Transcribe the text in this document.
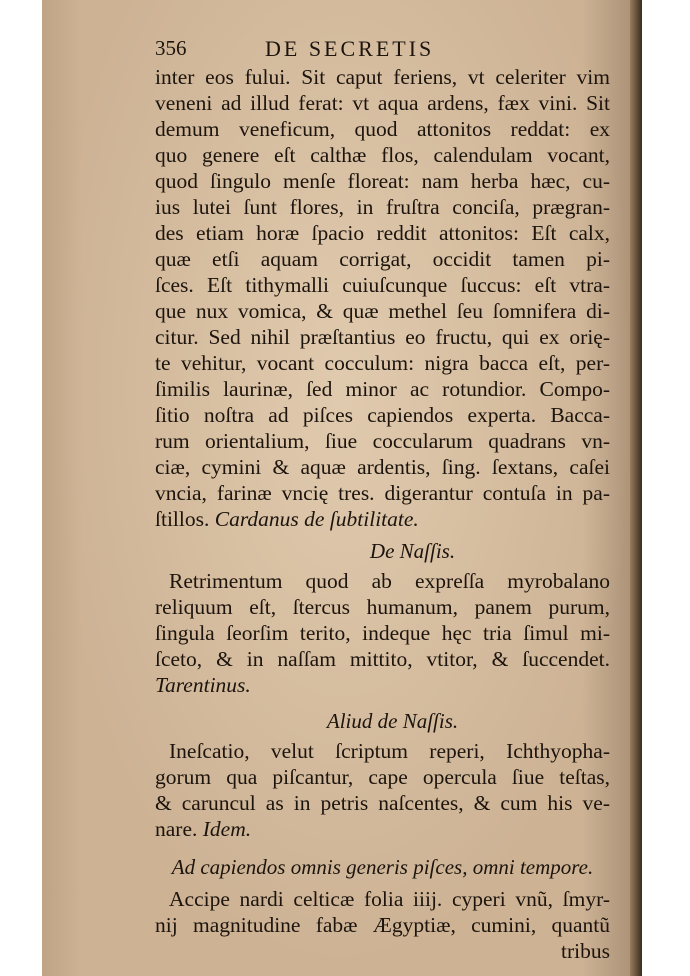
356	DE SECRETIS
inter eos fului. Sit caput feriens, vt celeriter vim
veneni ad illud ferat: vt aqua ardens, fæx vini. Sit
demum veneficum, quod attonitos reddat: ex
quo genere eſt calthæ flos, calendulam vocant,
quod ſingulo menſe floreat: nam herba hæc, cu-
ius lutei ſunt flores, in fruſtra conciſa, prægran-
des etiam horæ ſpacio reddit attonitos: Eſt calx,
quæ etſi aquam corrigat, occidit tamen pi-
ſces. Eſt tithymalli cuiuſcunque ſuccus: eſt vtra-
que nux vomica, & quæ methel ſeu ſomnifera di-
citur. Sed nihil præſtantius eo fructu, qui ex orię-
te vehitur, vocant cocculum: nigra bacca eſt, per-
ſimilis laurinæ, ſed minor ac rotundior. Compo-
ſitio noſtra ad piſces capiendos experta. Bacca-
rum orientalium, ſiue coccularum quadrans vn-
ciæ, cymini & aquæ ardentis, ſing. ſextans, caſei
vncia, farinæ vncię tres. digerantur contuſa in pa-
ſtillos. Cardanus de ſubtilitate.
De Naſſis.
Retrimentum quod ab expreſſa myrobalano
reliquum eſt, ſtercus humanum, panem purum,
ſingula ſeorſim terito, indeque hęc tria ſimul mi-
ſceto, & in naſſam mittito, vtitor, & ſuccendet.
Tarentinus.
Aliud de Naſſis.
Ineſcatio, velut ſcriptum reperi, Ichthyopha-
gorum qua piſcantur, cape opercula ſiue teſtas,
& caruncul as in petris naſcentes, & cum his ve-
nare. Idem.
Ad capiendos omnis generis piſces, omni tempore.
Accipe nardi celticæ folia iiij. cyperi vnũ, ſmyr-
nij magnitudine fabæ Ægyptiæ, cumini, quantũ
tribus
